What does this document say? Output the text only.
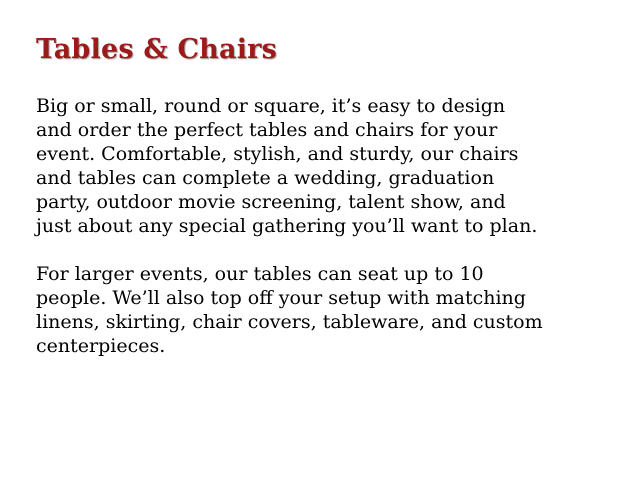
Tables & Chairs
Big or small, round or square, it’s easy to design
and order the perfect tables and chairs for your
event. Comfortable, stylish, and sturdy, our chairs
and tables can complete a wedding, graduation
party, outdoor movie screening, talent show, and
just about any special gathering you’ll want to plan.
For larger events, our tables can seat up to 10
people. We’ll also top off your setup with matching
linens, skirting, chair covers, tableware, and custom
centerpieces.
